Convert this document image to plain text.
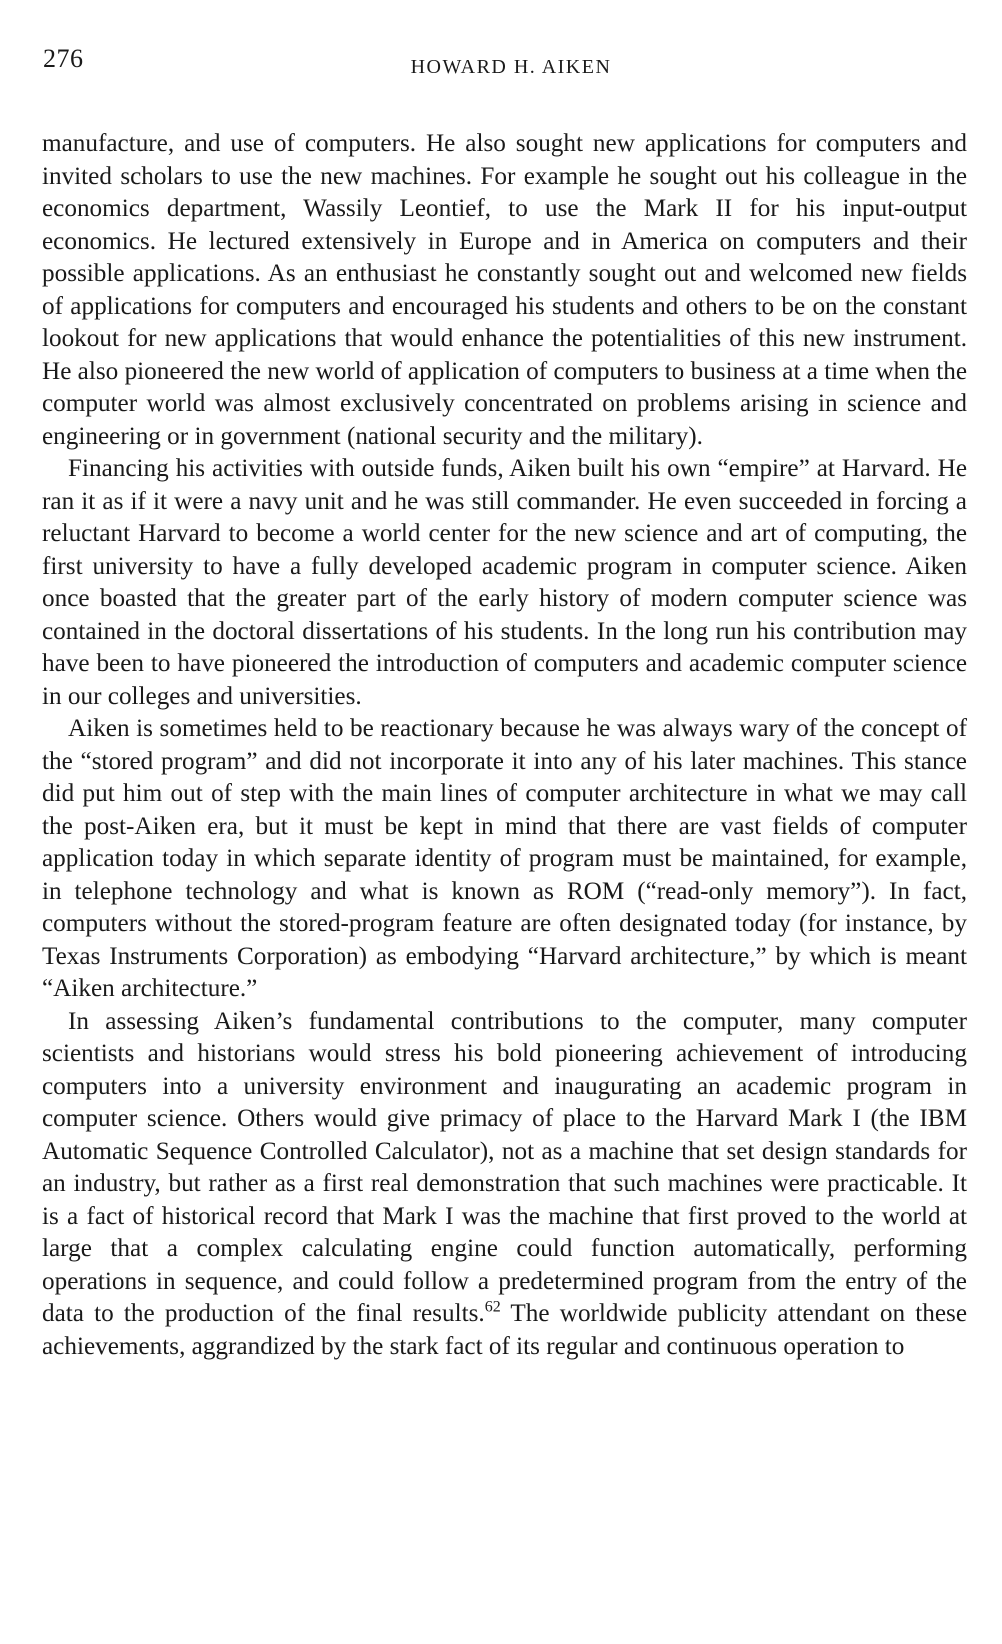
276	HOWARD H. AIKEN

manufacture, and use of computers. He also sought new applications for computers and invited scholars to use the new machines. For example he sought out his colleague in the economics department, Wassily Leontief, to use the Mark II for his input-output economics. He lectured extensively in Europe and in America on computers and their possible applications. As an enthusiast he constantly sought out and welcomed new fields of applications for computers and encouraged his students and others to be on the constant lookout for new applications that would enhance the potentialities of this new instrument. He also pioneered the new world of application of computers to business at a time when the computer world was almost exclusively concentrated on problems arising in science and engineering or in government (national security and the military).

Financing his activities with outside funds, Aiken built his own “empire” at Harvard. He ran it as if it were a navy unit and he was still commander. He even succeeded in forcing a reluctant Harvard to become a world center for the new science and art of computing, the first university to have a fully developed academic program in computer science. Aiken once boasted that the greater part of the early history of modern computer science was contained in the doctoral dissertations of his students. In the long run his contribution may have been to have pioneered the introduction of computers and academic computer science in our colleges and universities.

Aiken is sometimes held to be reactionary because he was always wary of the concept of the “stored program” and did not incorporate it into any of his later machines. This stance did put him out of step with the main lines of computer architecture in what we may call the post-Aiken era, but it must be kept in mind that there are vast fields of computer application today in which separate identity of program must be maintained, for example, in telephone technology and what is known as ROM (“read-only memory”). In fact, computers without the stored-program feature are often designated today (for instance, by Texas Instruments Corporation) as embodying “Harvard architecture,” by which is meant “Aiken architecture.”

In assessing Aiken’s fundamental contributions to the computer, many computer scientists and historians would stress his bold pioneering achievement of introducing computers into a university environment and inaugurating an academic program in computer science. Others would give primacy of place to the Harvard Mark I (the IBM Automatic Sequence Controlled Calculator), not as a machine that set design standards for an industry, but rather as a first real demonstration that such machines were practicable. It is a fact of historical record that Mark I was the machine that first proved to the world at large that a complex calculating engine could function automatically, performing operations in sequence, and could follow a predetermined program from the entry of the data to the production of the final results.$^{62}$ The worldwide publicity attendant on these achievements, aggrandized by the stark fact of its regular and continuous operation to
